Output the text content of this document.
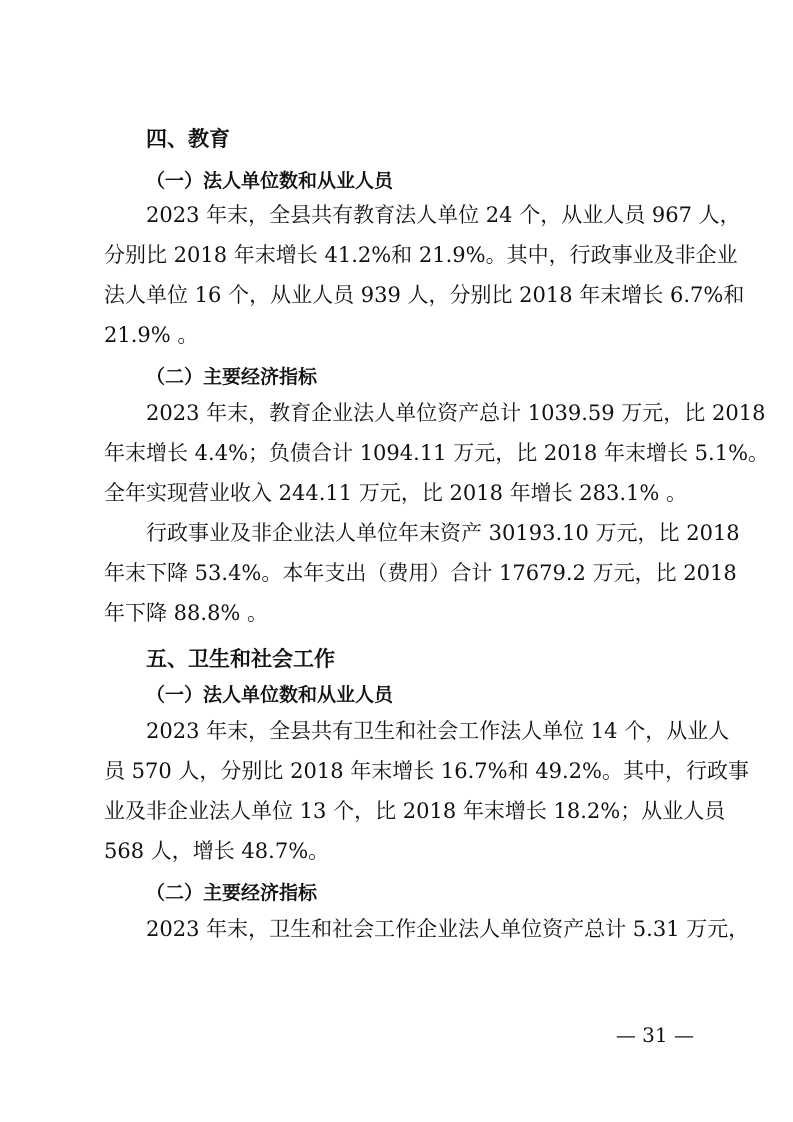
四、教育
（一）法人单位数和从业人员
2023 年末，全县共有教育法人单位 24 个，从业人员 967 人，
分别比 2018 年末增长 41.2%和 21.9%。其中，行政事业及非企业
法人单位 16 个，从业人员 939 人，分别比 2018 年末增长 6.7%和
21.9% 。
（二）主要经济指标
2023 年末，教育企业法人单位资产总计 1039.59 万元，比 2018
年末增长 4.4%；负债合计 1094.11 万元，比 2018 年末增长 5.1%。
全年实现营业收入 244.11 万元，比 2018 年增长 283.1% 。
行政事业及非企业法人单位年末资产 30193.10 万元，比 2018
年末下降 53.4%。本年支出（费用）合计 17679.2 万元，比 2018
年下降 88.8% 。
五、卫生和社会工作
（一）法人单位数和从业人员
2023 年末，全县共有卫生和社会工作法人单位 14 个，从业人
员 570 人，分别比 2018 年末增长 16.7%和 49.2%。其中，行政事
业及非企业法人单位 13 个，比 2018 年末增长 18.2%；从业人员
568 人，增长 48.7%。
（二）主要经济指标
2023 年末，卫生和社会工作企业法人单位资产总计 5.31 万元，
— 31 —
